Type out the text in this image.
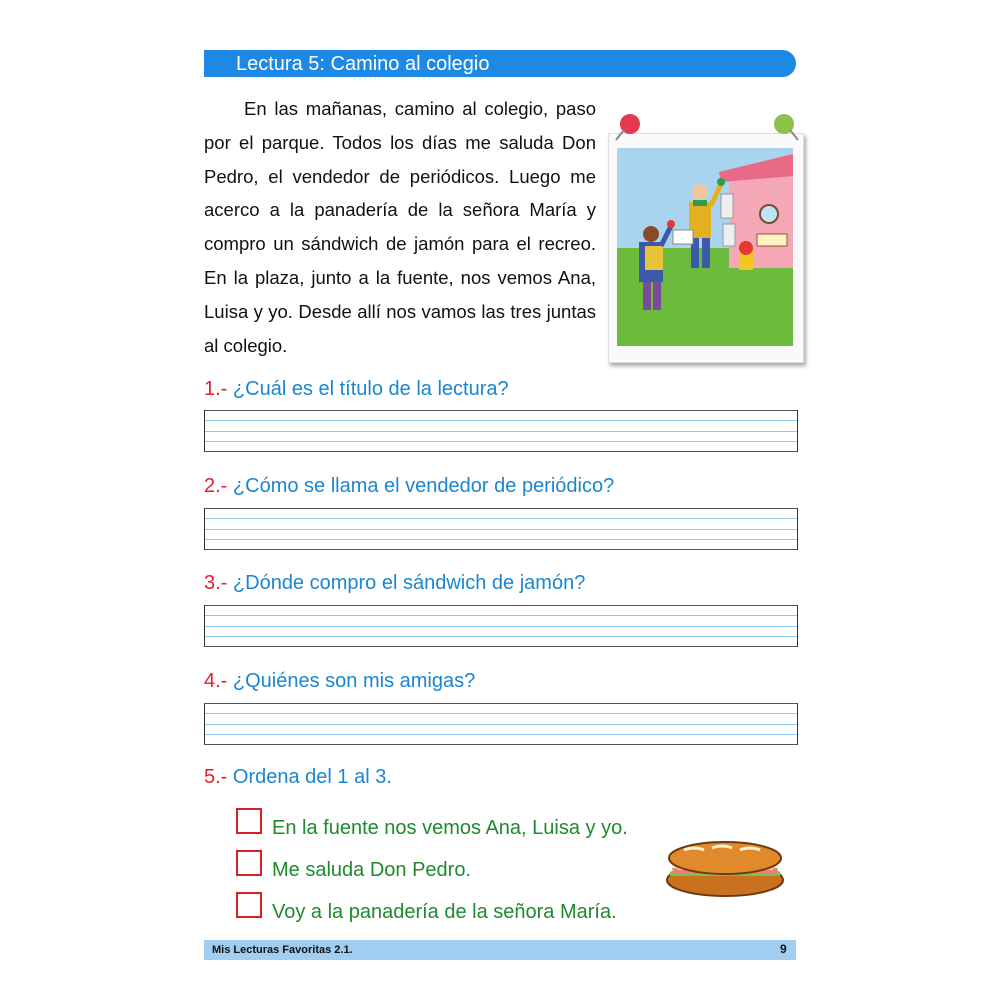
Lectura 5: Camino al colegio

En las mañanas, camino al colegio, paso por el parque. Todos los días me saluda Don Pedro, el vendedor de periódicos. Luego me acerco a la panadería de la señora María y compro un sándwich de jamón para el recreo. En la plaza, junto a la fuente, nos vemos Ana, Luisa y yo. Desde allí nos vamos las tres juntas al colegio.

1.- ¿Cuál es el título de la lectura?
2.- ¿Cómo se llama el vendedor de periódico?
3.- ¿Dónde compro el sándwich de jamón?
4.- ¿Quiénes son mis amigas?
5.- Ordena del 1 al 3.
En la fuente nos vemos Ana, Luisa y yo.
Me saluda Don Pedro.
Voy a la panadería de la señora María.
Mis Lecturas Favoritas 2.1.	9
